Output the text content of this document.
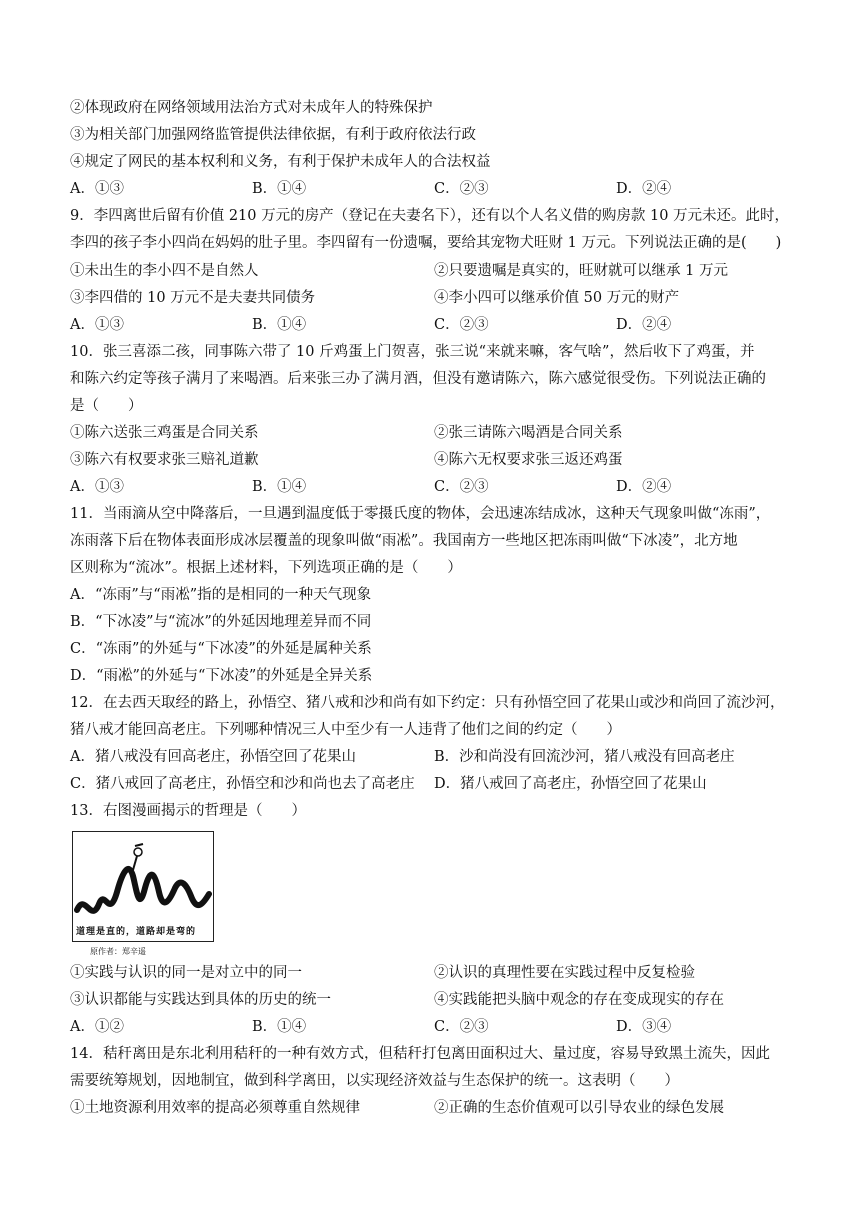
②体现政府在网络领域用法治方式对未成年人的特殊保护
③为相关部门加强网络监管提供法律依据，有利于政府依法行政
④规定了网民的基本权利和义务，有利于保护未成年人的合法权益
A．①③	B．①④	C．②③	D．②④
9．李四离世后留有价值 210 万元的房产（登记在夫妻名下），还有以个人名义借的购房款 10 万元未还。此时，
李四的孩子李小四尚在妈妈的肚子里。李四留有一份遗嘱，要给其宠物犬旺财 1 万元。下列说法正确的是(　　)
①未出生的李小四不是自然人	②只要遗嘱是真实的，旺财就可以继承 1 万元
③李四借的 10 万元不是夫妻共同债务	④李小四可以继承价值 50 万元的财产
A．①③	B．①④	C．②③	D．②④
10．张三喜添二孩，同事陈六带了 10 斤鸡蛋上门贺喜，张三说“来就来嘛，客气啥”，然后收下了鸡蛋，并
和陈六约定等孩子满月了来喝酒。后来张三办了满月酒，但没有邀请陈六，陈六感觉很受伤。下列说法正确的
是（　　）
①陈六送张三鸡蛋是合同关系	②张三请陈六喝酒是合同关系
③陈六有权要求张三赔礼道歉	④陈六无权要求张三返还鸡蛋
A．①③	B．①④	C．②③	D．②④
11．当雨滴从空中降落后，一旦遇到温度低于零摄氏度的物体，会迅速冻结成冰，这种天气现象叫做“冻雨”，
冻雨落下后在物体表面形成冰层覆盖的现象叫做“雨凇”。我国南方一些地区把冻雨叫做“下冰凌”，北方地
区则称为“流冰”。根据上述材料，下列选项正确的是（　　）
A．“冻雨”与“雨凇”指的是相同的一种天气现象
B．“下冰凌”与“流冰”的外延因地理差异而不同
C．“冻雨”的外延与“下冰凌”的外延是属种关系
D．“雨凇”的外延与“下冰凌”的外延是全异关系
12．在去西天取经的路上，孙悟空、猪八戒和沙和尚有如下约定：只有孙悟空回了花果山或沙和尚回了流沙河，
猪八戒才能回高老庄。下列哪种情况三人中至少有一人违背了他们之间的约定（　　）
A．猪八戒没有回高老庄，孙悟空回了花果山	B．沙和尚没有回流沙河，猪八戒没有回高老庄
C．猪八戒回了高老庄，孙悟空和沙和尚也去了高老庄 D．猪八戒回了高老庄，孙悟空回了花果山
13．右图漫画揭示的哲理是（　　）
道理是直的，道路却是弯的
原作者：郑辛遥
①实践与认识的同一是对立中的同一	②认识的真理性要在实践过程中反复检验
③认识都能与实践达到具体的历史的统一	④实践能把头脑中观念的存在变成现实的存在
A．①②	B．①④	C．②③	D．③④
14．秸秆离田是东北利用秸秆的一种有效方式，但秸秆打包离田面积过大、量过度，容易导致黑土流失，因此
需要统筹规划，因地制宜，做到科学离田，以实现经济效益与生态保护的统一。这表明（　　）
①土地资源利用效率的提高必须尊重自然规律	②正确的生态价值观可以引导农业的绿色发展
